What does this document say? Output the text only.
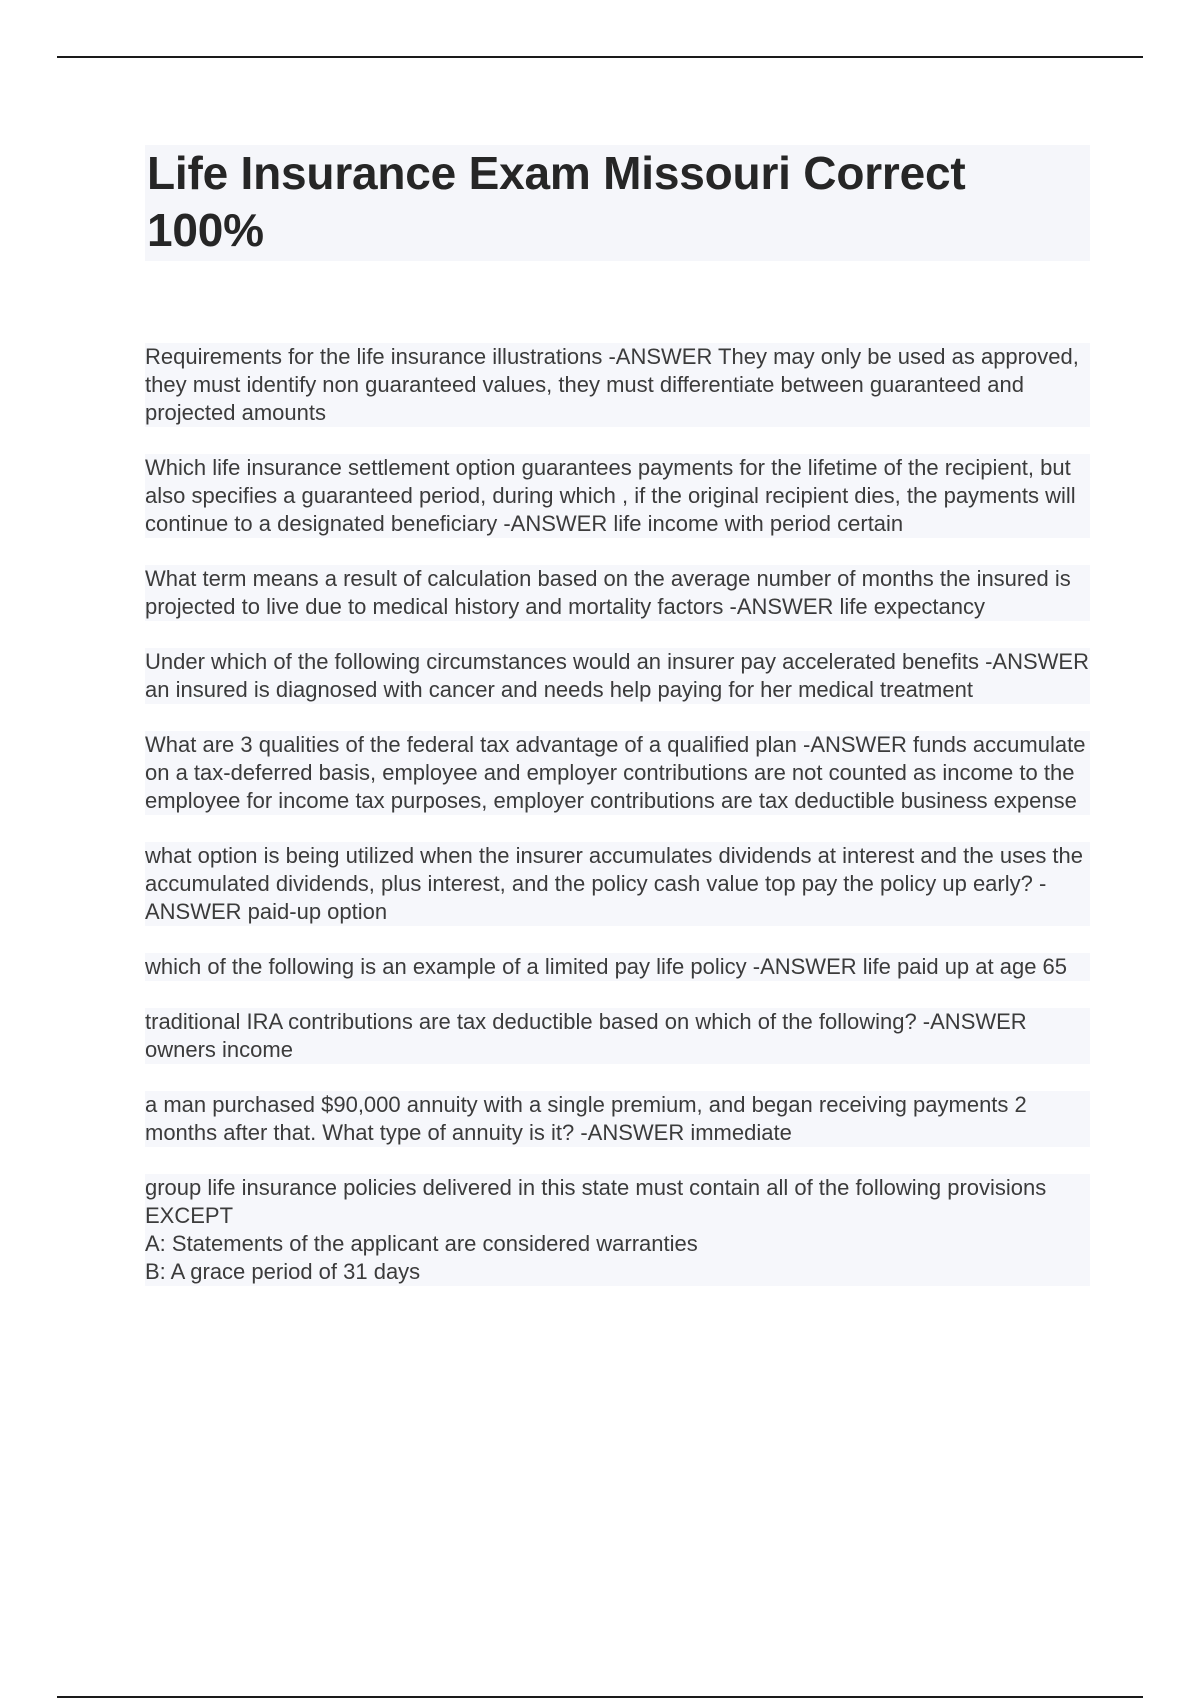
Life Insurance Exam Missouri Correct 100%

Requirements for the life insurance illustrations -ANSWER They may only be used as approved, they must identify non guaranteed values, they must differentiate between guaranteed and projected amounts

Which life insurance settlement option guarantees payments for the lifetime of the recipient, but also specifies a guaranteed period, during which , if the original recipient dies, the payments will continue to a designated beneficiary -ANSWER life income with period certain

What term means a result of calculation based on the average number of months the insured is projected to live due to medical history and mortality factors -ANSWER life expectancy

Under which of the following circumstances would an insurer pay accelerated benefits -ANSWER an insured is diagnosed with cancer and needs help paying for her medical treatment

What are 3 qualities of the federal tax advantage of a qualified plan -ANSWER funds accumulate on a tax-deferred basis, employee and employer contributions are not counted as income to the employee for income tax purposes, employer contributions are tax deductible business expense

what option is being utilized when the insurer accumulates dividends at interest and the uses the accumulated dividends, plus interest, and the policy cash value top pay the policy up early? -ANSWER paid-up option

which of the following is an example of a limited pay life policy -ANSWER life paid up at age 65

traditional IRA contributions are tax deductible based on which of the following? -ANSWER owners income

a man purchased $90,000 annuity with a single premium, and began receiving payments 2 months after that. What type of annuity is it? -ANSWER immediate

group life insurance policies delivered in this state must contain all of the following provisions EXCEPT
A: Statements of the applicant are considered warranties
B: A grace period of 31 days
